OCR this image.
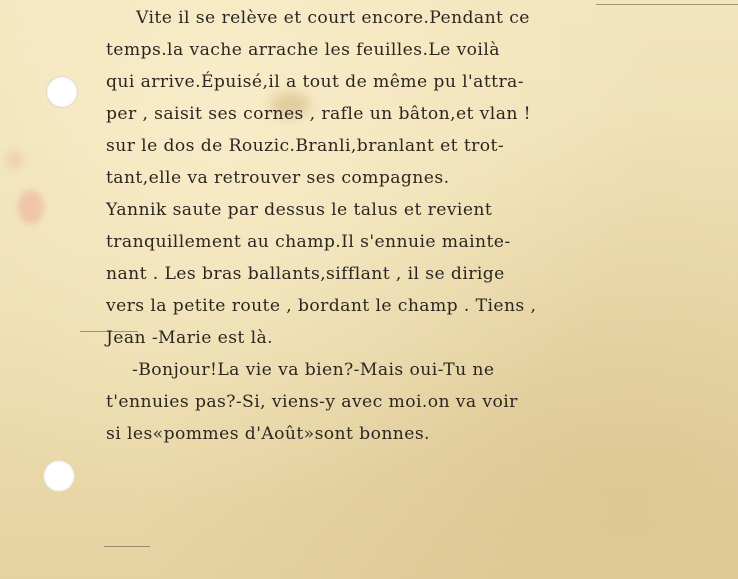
Vite il se relève et court encore.Pendant ce
temps.la vache arrache les feuilles.Le voilà
qui arrive.Épuisé,il a tout de même pu l'attra-
per , saisit ses cornes , rafle un bâton,et vlan !
sur le dos de Rouzic.Branli,branlant et trot-
tant,elle va retrouver ses compagnes.
Yannik saute par dessus le talus et revient
tranquillement au champ.Il s'ennuie mainte-
nant . Les bras ballants,sifflant , il se dirige
vers la petite route , bordant le champ . Tiens ,
Jean -Marie est là.
-Bonjour!La vie va bien?-Mais oui-Tu ne
t'ennuies pas?-Si, viens-y avec moi.on va voir
si les«pommes d'Août»sont bonnes.
